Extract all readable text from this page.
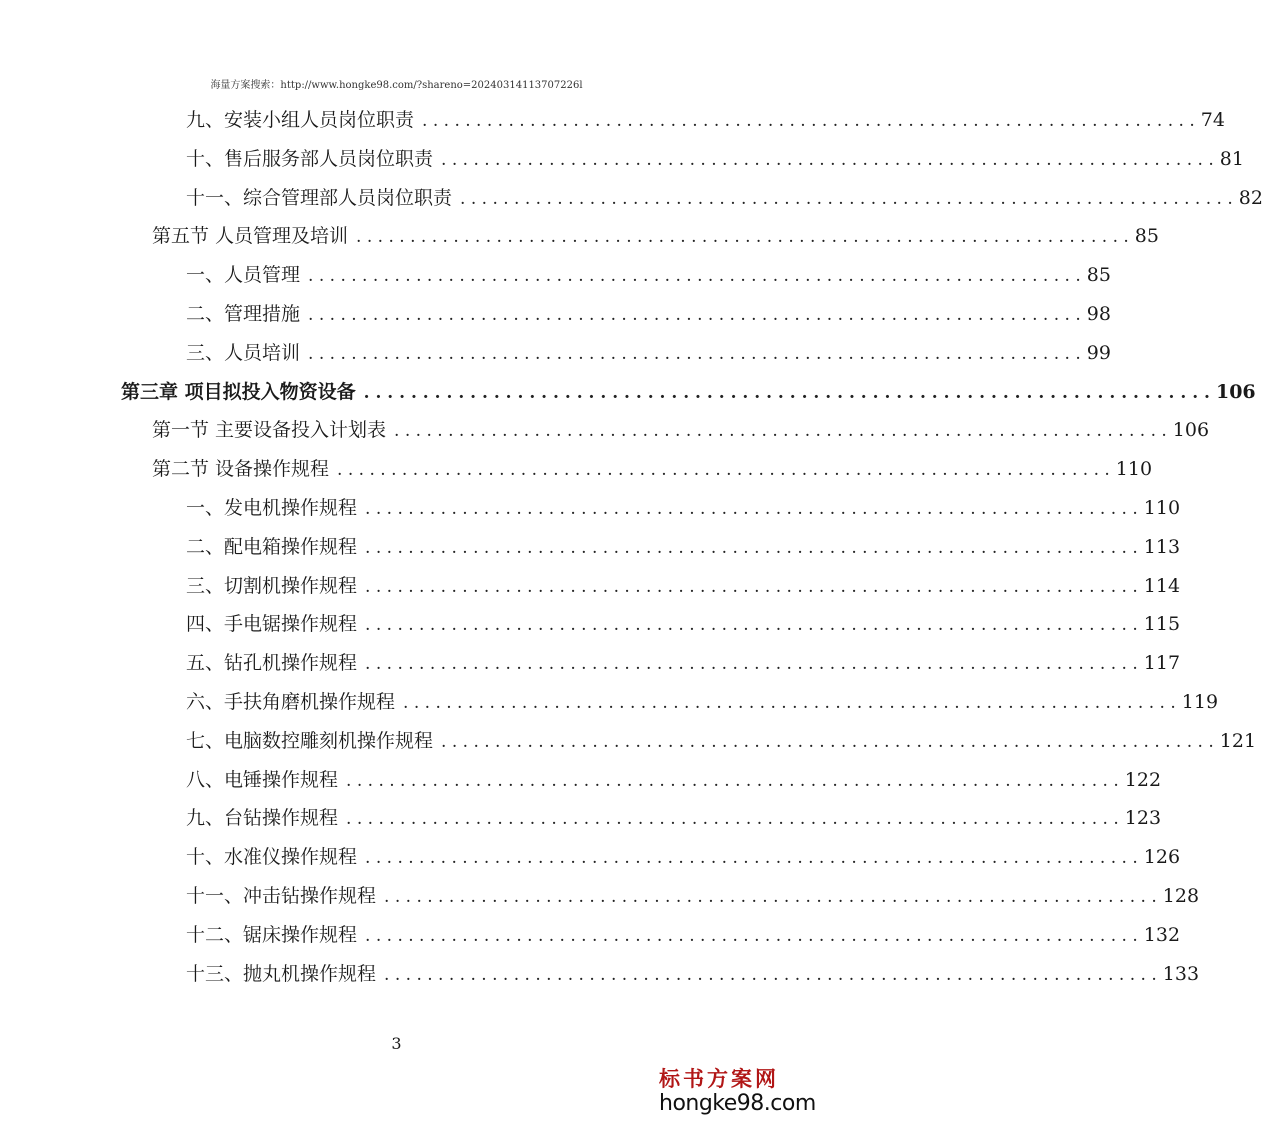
海量方案搜索：http://www.hongke98.com/?shareno=20240314113707226l
九、安装小组人员岗位职责 . . .	74
十、售后服务部人员岗位职责 . . .	81
十一、综合管理部人员岗位职责 . . .	82
第五节 人员管理及培训 . . .	85
一、人员管理 . . .	85
二、管理措施 . . .	98
三、人员培训 . . .	99
第三章 项目拟投入物资设备 . . .	106
第一节 主要设备投入计划表 . . .	106
第二节 设备操作规程 . . .	110
一、发电机操作规程 . . .	110
二、配电箱操作规程 . . .	113
三、切割机操作规程 . . .	114
四、手电锯操作规程 . . .	115
五、钻孔机操作规程 . . .	117
六、手扶角磨机操作规程 . . .	119
七、电脑数控雕刻机操作规程 . . .	121
八、电锤操作规程 . . .	122
九、台钻操作规程 . . .	123
十、水准仪操作规程 . . .	126
十一、冲击钻操作规程 . . .	128
十二、锯床操作规程 . . .	132
十三、抛丸机操作规程 . . .	133
3
标书方案网
hongke98.com
